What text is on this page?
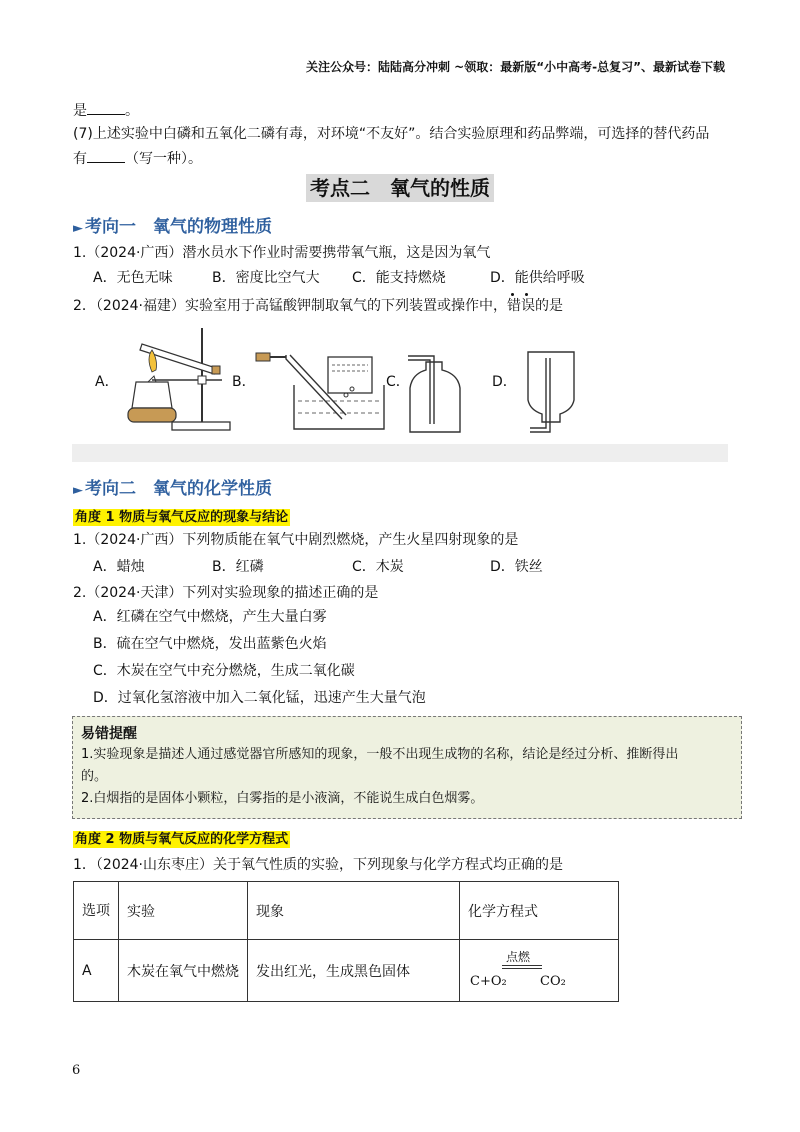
关注公众号：陆陆高分冲刺 ~领取：最新版“小中高考-总复习”、最新试卷下载
是	。
(7)上述实验中白磷和五氧化二磷有毒，对环境“不友好”。结合实验原理和药品弊端，可选择的替代药品
有	（写一种）。
考点二　氧气的性质
► 考向一　氧气的物理性质
1.（2024·广西）潜水员水下作业时需要携带氧气瓶，这是因为氧气
A．无色无味	B．密度比空气大 C．能支持燃烧	D．能供给呼吸
2．（2024·福建）实验室用于高锰酸钾制取氧气的下列装置或操作中，错误的是
A．	B．	C．	D．
► 考向二　氧气的化学性质
角度 1 物质与氧气反应的现象与结论
1.（2024·广西）下列物质能在氧气中剧烈燃烧，产生火星四射现象的是
A．蜡烛	B．红磷	C．木炭	D．铁丝
2.（2024·天津）下列对实验现象的描述正确的是
A．红磷在空气中燃烧，产生大量白雾
B．硫在空气中燃烧，发出蓝紫色火焰
C．木炭在空气中充分燃烧，生成二氧化碳
D．过氧化氢溶液中加入二氧化锰，迅速产生大量气泡
易错提醒
1.实验现象是描述人通过感觉器官所感知的现象，一般不出现生成物的名称，结论是经过分析、推断得出
的。
2.白烟指的是固体小颗粒，白雾指的是小液滴，不能说生成白色烟雾。
角度 2 物质与氧气反应的化学方程式
1．（2024·山东枣庄）关于氧气性质的实验，下列现象与化学方程式均正确的是
选项	实验	现象	化学方程式
A	木炭在氧气中燃烧	发出红光，生成黑色固体	点燃
C+O₂ CO₂
6
